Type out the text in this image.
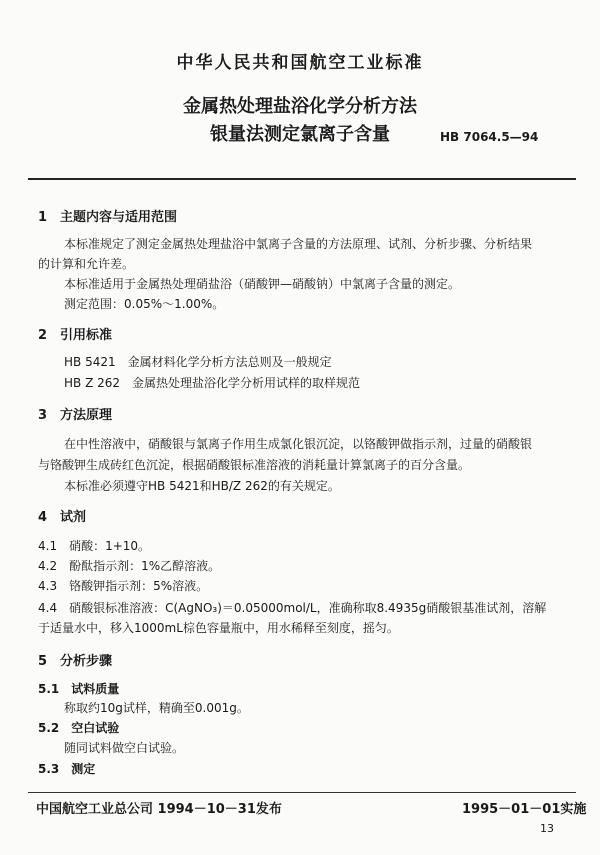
中华人民共和国航空工业标准
金属热处理盐浴化学分析方法
银量法测定氯离子含量	HB 7064.5—94
1　主题内容与适用范围
本标准规定了测定金属热处理盐浴中氯离子含量的方法原理、试剂、分析步骤、分析结果
的计算和允许差。
本标准适用于金属热处理硝盐浴（硝酸钾—硝酸钠）中氯离子含量的测定。
测定范围：0.05%～1.00%。
2　引用标准
HB 5421　金属材料化学分析方法总则及一般规定
HB Z 262　金属热处理盐浴化学分析用试样的取样规范
3　方法原理
在中性溶液中，硝酸银与氯离子作用生成氯化银沉淀，以铬酸钾做指示剂，过量的硝酸银
与铬酸钾生成砖红色沉淀，根据硝酸银标准溶液的消耗量计算氯离子的百分含量。
本标准必须遵守HB 5421和HB/Z 262的有关规定。
4　试剂
4.1　硝酸：1+10。
4.2　酚酞指示剂：1%乙醇溶液。
4.3　铬酸钾指示剂：5%溶液。
4.4　硝酸银标准溶液：C(AgNO₃)＝0.05000mol/L，准确称取8.4935g硝酸银基准试剂，溶解
于适量水中，移入1000mL棕色容量瓶中，用水稀释至刻度，摇匀。
5　分析步骤
5.1　试料质量
称取约10g试样，精确至0.001g。
5.2　空白试验
随同试料做空白试验。
5.3　测定
中国航空工业总公司 1994－10－31发布	1995－01－01实施
13
